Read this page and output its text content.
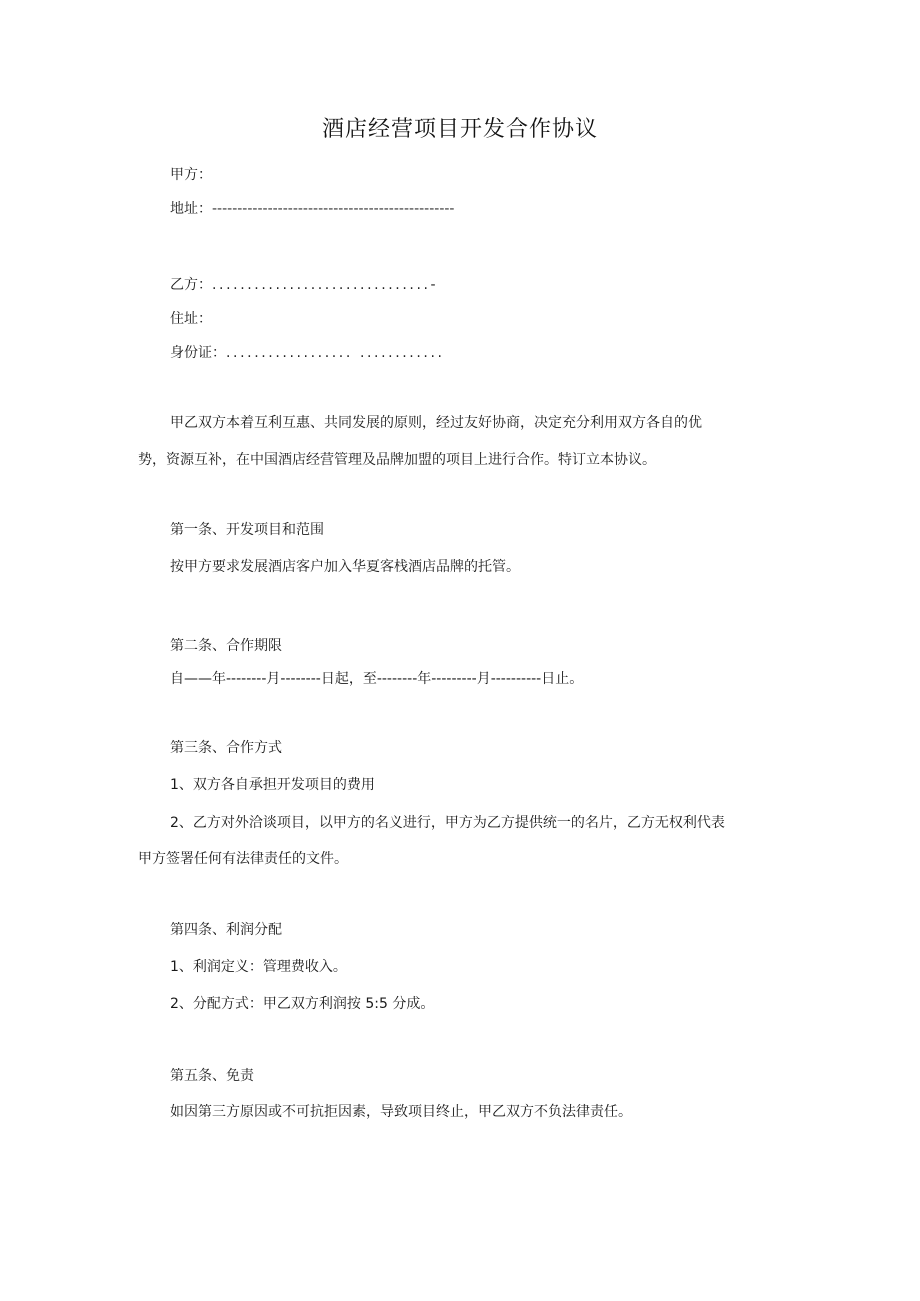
酒店经营项目开发合作协议
甲方：
地址：------------------------------------------------
乙方：...............................-
住址：
身份证：.................. ............
甲乙双方本着互利互惠、共同发展的原则，经过友好协商，决定充分利用双方各自的优
势，资源互补，在中国酒店经营管理及品牌加盟的项目上进行合作。特订立本协议。
第一条、开发项目和范围
按甲方要求发展酒店客户加入华夏客栈酒店品牌的托管。
第二条、合作期限
自——年--------月--------日起，至--------年---------月----------日止。
第三条、合作方式
1、双方各自承担开发项目的费用
2、乙方对外洽谈项目，以甲方的名义进行，甲方为乙方提供统一的名片，乙方无权利代表
甲方签署任何有法律责任的文件。
第四条、利润分配
1、利润定义：管理费收入。
2、分配方式：甲乙双方利润按 5:5 分成。
第五条、免责
如因第三方原因或不可抗拒因素，导致项目终止，甲乙双方不负法律责任。
